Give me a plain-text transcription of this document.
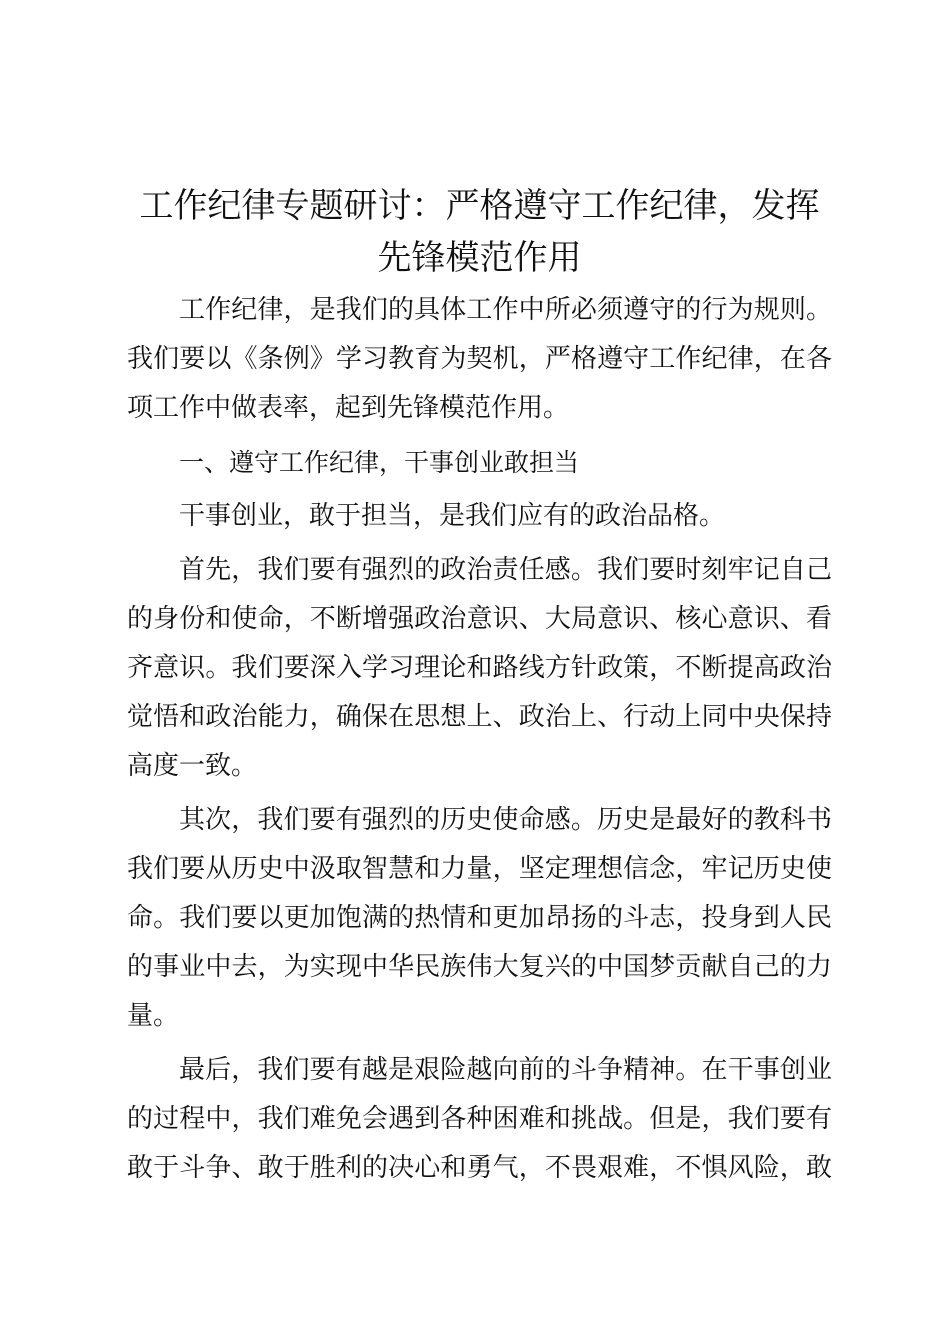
工作纪律专题研讨：严格遵守工作纪律，发挥
先锋模范作用
工作纪律，是我们的具体工作中所必须遵守的行为规则。
我们要以《条例》学习教育为契机，严格遵守工作纪律，在各
项工作中做表率，起到先锋模范作用。
一、遵守工作纪律，干事创业敢担当
干事创业，敢于担当，是我们应有的政治品格。
首先，我们要有强烈的政治责任感。我们要时刻牢记自己
的身份和使命，不断增强政治意识、大局意识、核心意识、看
齐意识。我们要深入学习理论和路线方针政策，不断提高政治
觉悟和政治能力，确保在思想上、政治上、行动上同中央保持
高度一致。
其次，我们要有强烈的历史使命感。历史是最好的教科书
我们要从历史中汲取智慧和力量，坚定理想信念，牢记历史使
命。我们要以更加饱满的热情和更加昂扬的斗志，投身到人民
的事业中去，为实现中华民族伟大复兴的中国梦贡献自己的力
量。
最后，我们要有越是艰险越向前的斗争精神。在干事创业
的过程中，我们难免会遇到各种困难和挑战。但是，我们要有
敢于斗争、敢于胜利的决心和勇气，不畏艰难，不惧风险，敢
